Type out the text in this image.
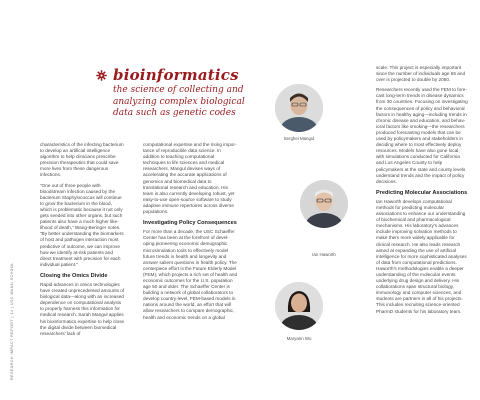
RESEARCH IMPACT REPORT | 14 | USC MANN SCHOOL
bioinformatics
the science of collecting and
analyzing complex biological
data such as genetic codes

characteristics of the infecting bacterium to develop an artificial intelligence algorithm to help clinicians prescribe precision therapeutics that could save more lives from these dangerous infections.

“One out of three people with bloodstream infection caused by the bacterium Staphylococcus will continue to grow the bacterium in the blood, which is problematic because it not only gets seeded into other organs, but such patients also have a much higher likelihood of death,” Wang-Beringer notes. “By better understanding the biomarkers of host and pathogen interaction most predictive of outcome, we can improve how we identify at-risk patients and direct treatment with precision for each individual patient.”

Closing the Omics Divide

Rapid advances in omics technologies have created unprecedented amounts of biological data—along with an increased dependence on computational analysis to properly harness this information for medical research. Sarah Mangul applies his bioinformatics expertise to help close the digital divide between biomedical researchers’ lack of

computational expertise and the rising importance of reproducible data science. In addition to teaching computational techniques to life sciences and medical researchers, Mangul devises ways of accelerating the accurate applications of genomics and biomedical data to translational research and education. His team is also currently developing robust, yet easy-to-use open-source software to study adaptive immune repertoires across diverse populations.

Investigating Policy Consequences

For more than a decade, the USC Schaeffer Center has been at the forefront of developing pioneering economic demographic microsimulation tools to effectively model future trends in health and longevity and answer salient questions in health policy. The centerpiece effort is the Future Elderly Model (FEM), which projects a rich set of health and economic outcomes for the U.S. population age 50 and older. The Schaeffer Center is building a network of global collaborators to develop country-level, FEM-based models in nations around the world, an effort that will allow researchers to compare demographic, health and economic trends on a global

Serghei Mangul
Ian Haworth
Maryann Wu

scale. This project is especially important since the number of individuals age 65 and over is projected to double by 2050.

Researchers recently used the FEM to forecast long-term trends in disease dynamics from 30 countries. Focusing on investigating the consequences of policy and behavioral factors in healthy aging—including trends in chronic disease and education, and behavioral factors like smoking—the researchers produced forecasting models that can be used by policymakers and stakeholders in deciding where to most effectively deploy resources. Models have also gone local, with simulations conducted for California and Los Angeles County to help policymakers at the state and county levels understand trends and the impact of policy decisions.

Predicting Molecular Associations

Ian Haworth develops computational methods for predicting molecular associations to enhance our understanding of biochemical and pharmacological mechanisms. His laboratory’s advances include improving solvation methods to make them more widely applicable for clinical research. He also leads research aimed at expanding the use of artificial intelligence for more sophisticated analyses of data from computational predictions. Haworth’s methodologies enable a deeper understanding of the molecular events underlying drug design and delivery. His collaborations span structural biology, immunology and computer sciences, and students are partners in all of his projects. This includes recruiting science-oriented PharmD students for his laboratory team.
